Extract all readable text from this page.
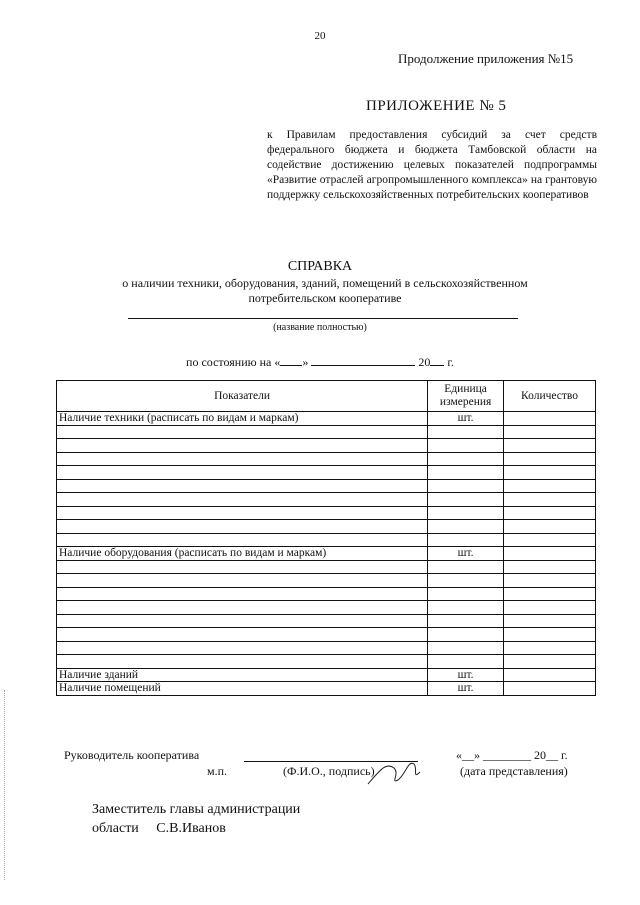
20
Продолжение приложения №15
ПРИЛОЖЕНИЕ № 5
к Правилам предоставления субсидий за счет средств федерального бюджета и бюджета Тамбовской области на содействие достижению целевых показателей подпрограммы «Развитие отраслей агропромышленного комплекса» на грантовую поддержку сельскохозяйственных потребительских кооперативов
СПРАВКА
о наличии техники, оборудования, зданий, помещений в сельскохозяйственном
потребительском кооперативе
(название полностью)
по состоянию на « »	20 г.
Показатели	Единица измерения	Количество
Наличие техники (расписать по видам и маркам)	шт.	

Наличие оборудования (расписать по видам и маркам)	шт.	

Наличие зданий	шт.	
Наличие помещений	шт.	
Руководитель кооператива
м.п.	(Ф.И.О., подпись)
«__» ________ 20__ г.
(дата представления)
Заместитель главы администрации
области     С.В.Иванов
